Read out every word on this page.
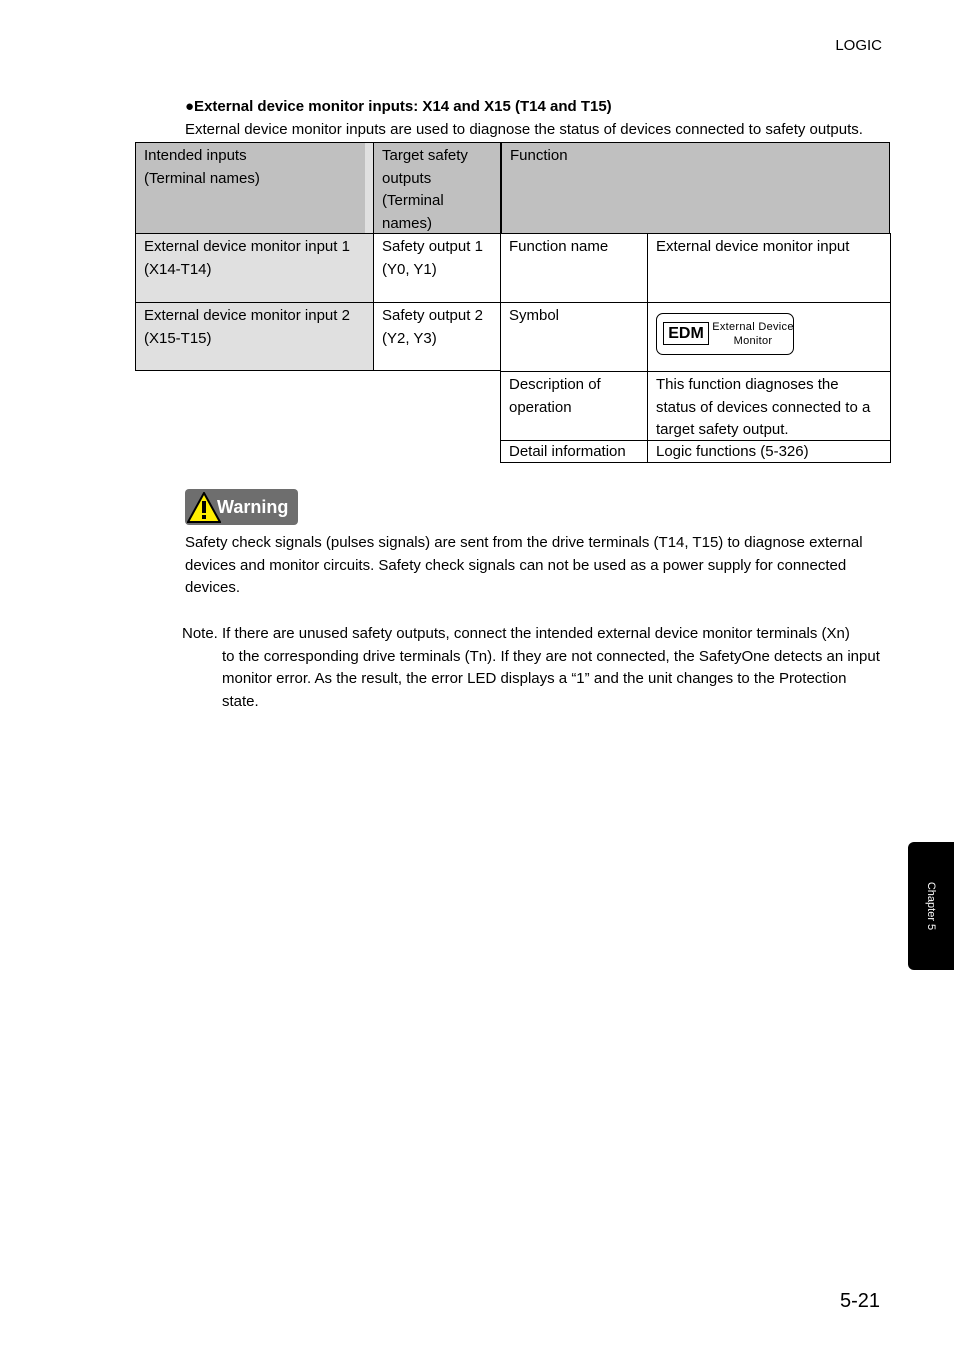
LOGIC
●External device monitor inputs: X14 and X15 (T14 and T15)
External device monitor inputs are used to diagnose the status of devices connected to safety outputs.
Intended inputs
(Terminal names)
Target safety
outputs
(Terminal
names)
Function
External device monitor input 1
(X14-T14)
Safety output 1
(Y0, Y1)
Function name	External device monitor input
External device monitor input 2
(X15-T15)
Safety output 2
(Y2, Y3)
Symbol
Description of
operation
This function diagnoses the
status of devices connected to a
target safety output.
Detail information	Logic functions (5-326)
EDM External Device
Monitor
Warning
Safety check signals (pulses signals) are sent from the drive terminals (T14, T15) to diagnose external devices and monitor circuits. Safety check signals can not be used as a power supply for connected devices.
Note. If there are unused safety outputs, connect the intended external device monitor terminals (Xn)
to the corresponding drive terminals (Tn). If they are not connected, the SafetyOne detects an input monitor error. As the result, the error LED displays a “1” and the unit changes to the Protection state.
Chapter 5
5-21
